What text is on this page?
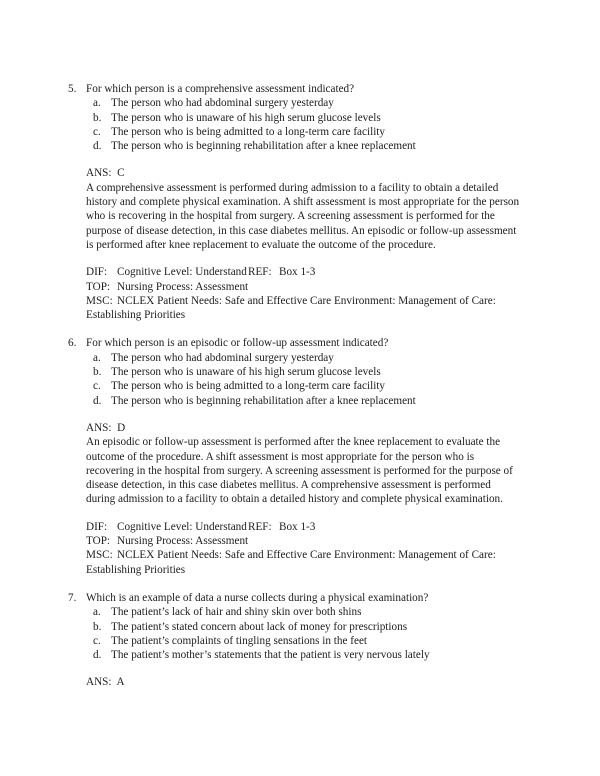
5. For which person is a comprehensive assessment indicated?
a. The person who had abdominal surgery yesterday
b. The person who is unaware of his high serum glucose levels
c. The person who is being admitted to a long-term care facility
d. The person who is beginning rehabilitation after a knee replacement
ANS:  C

A comprehensive assessment is performed during admission to a facility to obtain a detailed history and complete physical examination. A shift assessment is most appropriate for the person who is recovering in the hospital from surgery. A screening assessment is performed for the purpose of disease detection, in this case diabetes mellitus. An episodic or follow-up assessment is performed after knee replacement to evaluate the outcome of the procedure.

DIF: Cognitive Level: Understand REF: Box 1-3
TOP: Nursing Process: Assessment
MSC: NCLEX Patient Needs: Safe and Effective Care Environment: Management of Care: Establishing Priorities
6. For which person is an episodic or follow-up assessment indicated?
a. The person who had abdominal surgery yesterday
b. The person who is unaware of his high serum glucose levels
c. The person who is being admitted to a long-term care facility
d. The person who is beginning rehabilitation after a knee replacement
ANS:  D

An episodic or follow-up assessment is performed after the knee replacement to evaluate the outcome of the procedure. A shift assessment is most appropriate for the person who is recovering in the hospital from surgery. A screening assessment is performed for the purpose of disease detection, in this case diabetes mellitus. A comprehensive assessment is performed during admission to a facility to obtain a detailed history and complete physical examination.

DIF: Cognitive Level: Understand REF: Box 1-3
TOP: Nursing Process: Assessment
MSC: NCLEX Patient Needs: Safe and Effective Care Environment: Management of Care: Establishing Priorities
7. Which is an example of data a nurse collects during a physical examination?
a. The patient’s lack of hair and shiny skin over both shins
b. The patient’s stated concern about lack of money for prescriptions
c. The patient’s complaints of tingling sensations in the feet
d. The patient’s mother’s statements that the patient is very nervous lately
ANS:  A
